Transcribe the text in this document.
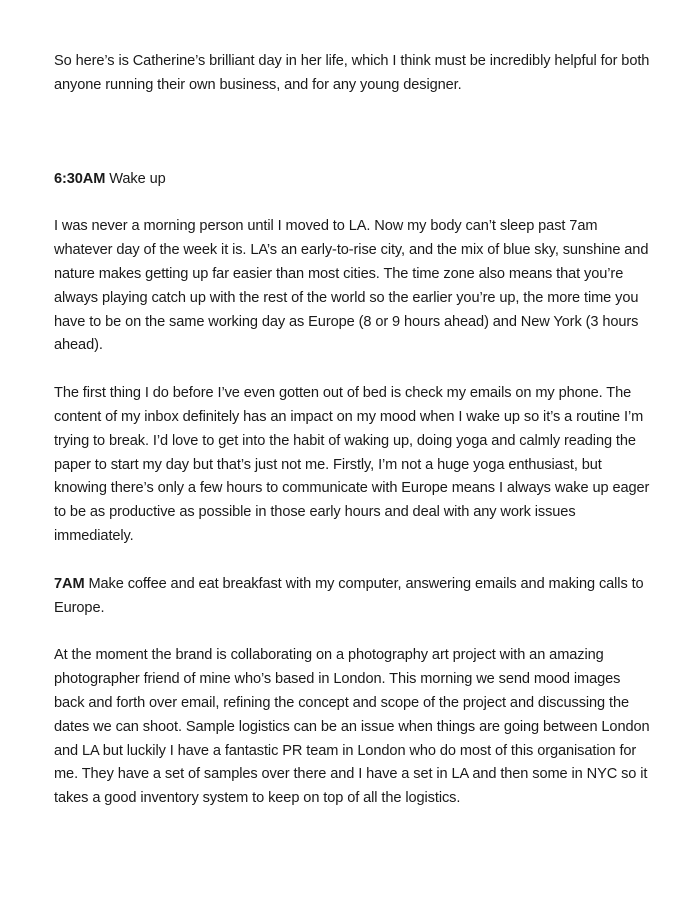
So here’s is Catherine’s brilliant day in her life, which I think must be incredibly helpful for both anyone running their own business, and for any young designer.

6:30AM Wake up

I was never a morning person until I moved to LA. Now my body can’t sleep past 7am whatever day of the week it is. LA’s an early-to-rise city, and the mix of blue sky, sunshine and nature makes getting up far easier than most cities. The time zone also means that you’re always playing catch up with the rest of the world so the earlier you’re up, the more time you have to be on the same working day as Europe (8 or 9 hours ahead) and New York (3 hours ahead).

The first thing I do before I’ve even gotten out of bed is check my emails on my phone. The content of my inbox definitely has an impact on my mood when I wake up so it’s a routine I’m trying to break. I’d love to get into the habit of waking up, doing yoga and calmly reading the paper to start my day but that’s just not me. Firstly, I’m not a huge yoga enthusiast, but knowing there’s only a few hours to communicate with Europe means I always wake up eager to be as productive as possible in those early hours and deal with any work issues immediately.

7AM Make coffee and eat breakfast with my computer, answering emails and making calls to Europe.

At the moment the brand is collaborating on a photography art project with an amazing photographer friend of mine who’s based in London. This morning we send mood images back and forth over email, refining the concept and scope of the project and discussing the dates we can shoot. Sample logistics can be an issue when things are going between London and LA but luckily I have a fantastic PR team in London who do most of this organisation for me. They have a set of samples over there and I have a set in LA and then some in NYC so it takes a good inventory system to keep on top of all the logistics.
